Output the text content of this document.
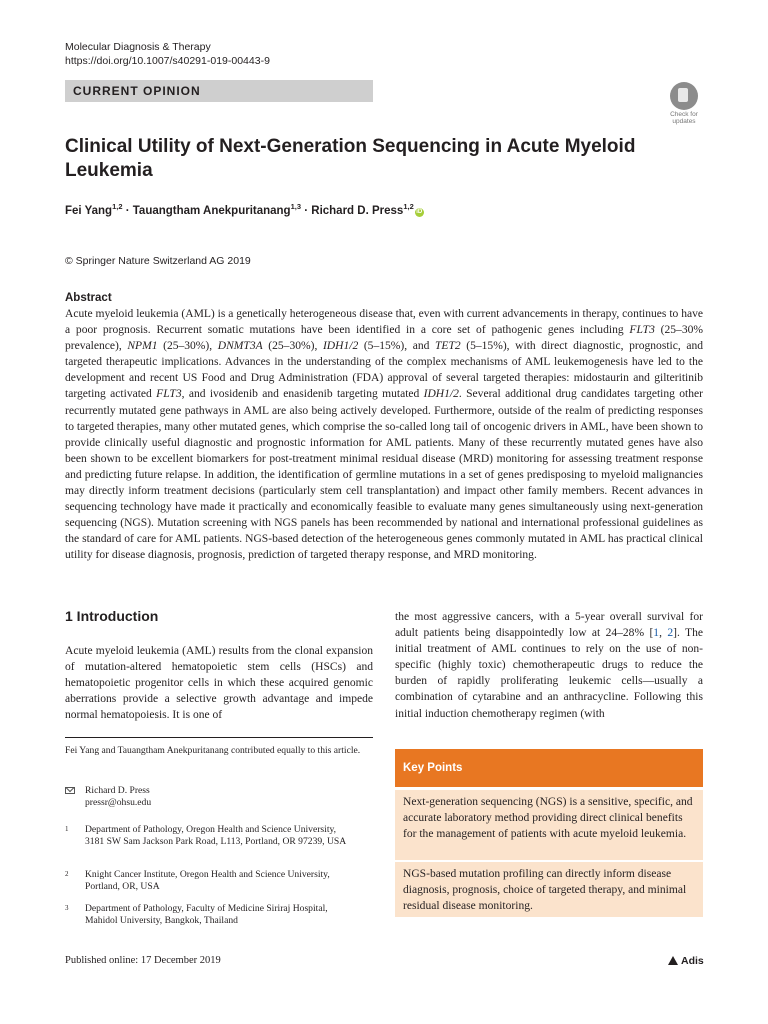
Molecular Diagnosis & Therapy
https://doi.org/10.1007/s40291-019-00443-9
CURRENT OPINION
Check for
updates
Clinical Utility of Next-Generation Sequencing in Acute Myeloid Leukemia
Fei Yang$^{1,2}$ · Tauangtham Anekpuritanang$^{1,3}$ · Richard D. Press$^{1,2}$iD
© Springer Nature Switzerland AG 2019
Abstract
Acute myeloid leukemia (AML) is a genetically heterogeneous disease that, even with current advancements in therapy, continues to have a poor prognosis. Recurrent somatic mutations have been identified in a core set of pathogenic genes including FLT3 (25–30% prevalence), NPM1 (25–30%), DNMT3A (25–30%), IDH1/2 (5–15%), and TET2 (5–15%), with direct diagnostic, prognostic, and targeted therapeutic implications. Advances in the understanding of the complex mechanisms of AML leukemogenesis have led to the development and recent US Food and Drug Administration (FDA) approval of several targeted therapies: midostaurin and gilteritinib targeting activated FLT3, and ivosidenib and enasidenib targeting mutated IDH1/2. Several additional drug candidates targeting other recurrently mutated gene pathways in AML are also being actively developed. Furthermore, outside of the realm of predicting responses to targeted therapies, many other mutated genes, which comprise the so-called long tail of oncogenic drivers in AML, have been shown to provide clinically useful diagnostic and prognostic information for AML patients. Many of these recurrently mutated genes have also been shown to be excellent biomarkers for post-treatment minimal residual disease (MRD) monitoring for assessing treatment response and predicting future relapse. In addition, the identification of germline mutations in a set of genes predisposing to myeloid malignancies may directly inform treatment decisions (particularly stem cell transplantation) and impact other family members. Recent advances in sequencing technology have made it practically and economically feasible to evaluate many genes simultaneously using next-generation sequencing (NGS). Mutation screening with NGS panels has been recommended by national and international professional guidelines as the standard of care for AML patients. NGS-based detection of the heterogeneous genes commonly mutated in AML has practical clinical utility for disease diagnosis, prognosis, prediction of targeted therapy response, and MRD monitoring.
1 Introduction
Acute myeloid leukemia (AML) results from the clonal expansion of mutation-altered hematopoietic stem cells (HSCs) and hematopoietic progenitor cells in which these acquired genomic aberrations provide a selective growth advantage and impede normal hematopoiesis. It is one of
the most aggressive cancers, with a 5-year overall survival for adult patients being disappointedly low at 24–28% [1, 2]. The initial treatment of AML continues to rely on the use of non-specific (highly toxic) chemotherapeutic drugs to reduce the burden of rapidly proliferating leukemic cells—usually a combination of cytarabine and an anthracycline. Following this initial induction chemotherapy regimen (with
Fei Yang and Tauangtham Anekpuritanang contributed equally to this article.
Richard D. Press
pressr@ohsu.edu
1 Department of Pathology, Oregon Health and Science University, 3181 SW Sam Jackson Park Road, L113, Portland, OR 97239, USA
2 Knight Cancer Institute, Oregon Health and Science University, Portland, OR, USA
3 Department of Pathology, Faculty of Medicine Siriraj Hospital, Mahidol University, Bangkok, Thailand
Key Points
Next-generation sequencing (NGS) is a sensitive, specific, and accurate laboratory method providing direct clinical benefits for the management of patients with acute myeloid leukemia.
NGS-based mutation profiling can directly inform disease diagnosis, prognosis, choice of targeted therapy, and minimal residual disease monitoring.
Published online: 17 December 2019	Adis
